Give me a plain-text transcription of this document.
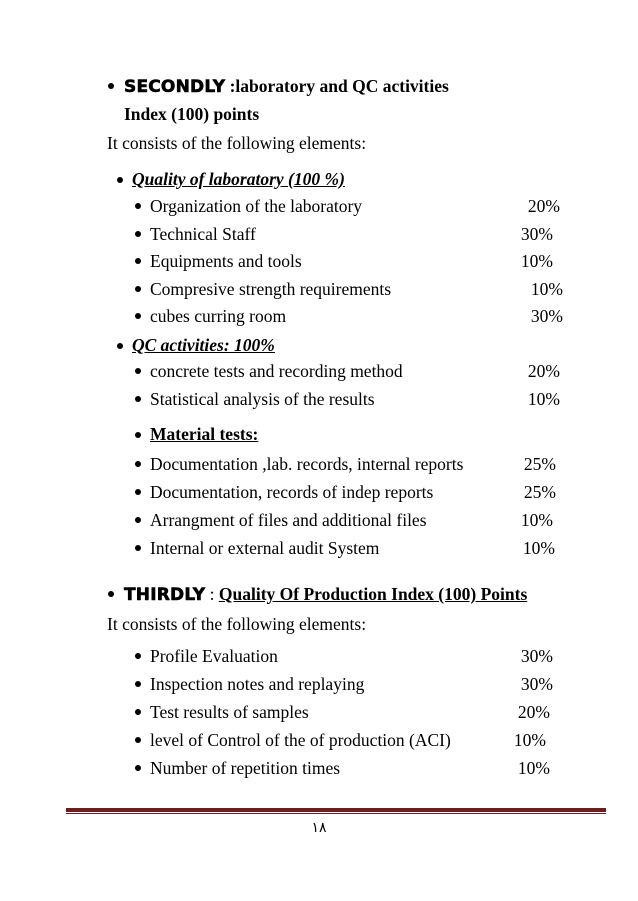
SECONDLY :laboratory and QC activities
Index (100) points
It consists of the following elements:
Quality of laboratory (100 %)
Organization of the laboratory	20%
Technical Staff	30%
Equipments and tools	10%
Compresive strength requirements	10%
cubes curring room	30%
QC activities: 100%
concrete tests and recording method	20%
Statistical analysis of the results	10%
Material tests:
Documentation ,lab. records, internal reports	25%
Documentation, records of indep reports	25%
Arrangment of files and additional files	10%
Internal or external audit System	10%
THIRDLY : Quality Of Production Index (100) Points
It consists of the following elements:
Profile Evaluation	30%
Inspection notes and replaying	30%
Test results of samples	20%
level of Control of the of production (ACI)	10%
Number of repetition times	10%
١٨
